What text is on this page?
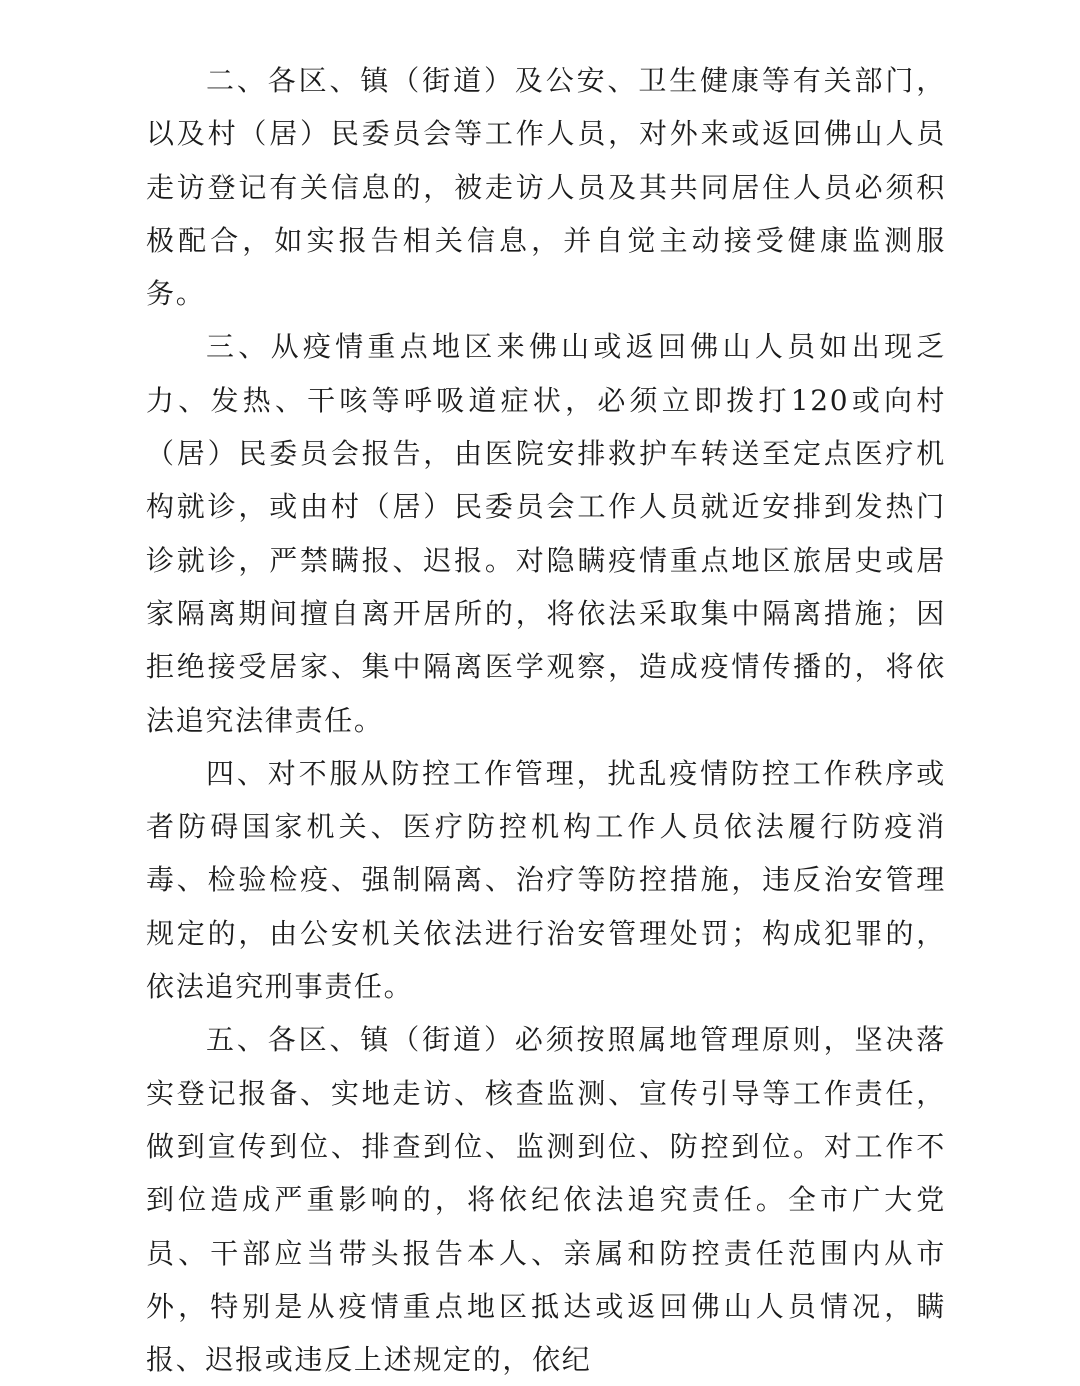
二、各区、镇（街道）及公安、卫生健康等有关部门，以及村（居）民委员会等工作人员，对外来或返回佛山人员走访登记有关信息的，被走访人员及其共同居住人员必须积极配合，如实报告相关信息，并自觉主动接受健康监测服务。

三、从疫情重点地区来佛山或返回佛山人员如出现乏力、发热、干咳等呼吸道症状，必须立即拨打120或向村（居）民委员会报告，由医院安排救护车转送至定点医疗机构就诊，或由村（居）民委员会工作人员就近安排到发热门诊就诊，严禁瞒报、迟报。对隐瞒疫情重点地区旅居史或居家隔离期间擅自离开居所的，将依法采取集中隔离措施；因拒绝接受居家、集中隔离医学观察，造成疫情传播的，将依法追究法律责任。

四、对不服从防控工作管理，扰乱疫情防控工作秩序或者防碍国家机关、医疗防控机构工作人员依法履行防疫消毒、检验检疫、强制隔离、治疗等防控措施，违反治安管理规定的，由公安机关依法进行治安管理处罚；构成犯罪的，依法追究刑事责任。

五、各区、镇（街道）必须按照属地管理原则，坚决落实登记报备、实地走访、核查监测、宣传引导等工作责任，做到宣传到位、排查到位、监测到位、防控到位。对工作不到位造成严重影响的，将依纪依法追究责任。全市广大党员、干部应当带头报告本人、亲属和防控责任范围内从市外，特别是从疫情重点地区抵达或返回佛山人员情况，瞒报、迟报或违反上述规定的，依纪
